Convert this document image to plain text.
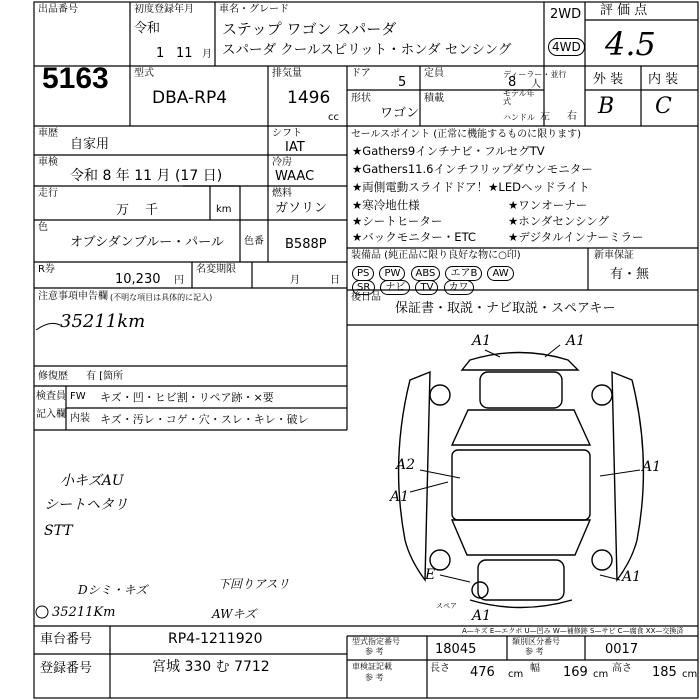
出品番号
5163
初度登録年月
令和
1 11 月
車名・グレード
ステップ ワゴン スパーダ
スパーダ クールスピリット・ホンダ センシング
2WD
4WD
評 価 点
4.5
型式
DBA-RP4
排気量
1496
cc
ドア
5
定員
8 人
形状
ワゴン
積載
ディーラー・並行
モデル年式
ハンドル 左 右
外 装
B
内 装
C
車歴
自家用
シフト
IAT
車検
令和 8 年 11 月 (17 日)
冷房
WAAC
走行
万 千	km
燃料
ガソリン
色
オブシダンブルー・パール 色番 B588P
R券
10,230 円
名変期限
月	日
注意事項申告欄 (不明な項目は具体的に記入)
35211km
修復歴 有 [箇所
セールスポイント (正常に機能するものに限ります)
★Gathers9インチナビ・フルセグTV
★Gathers11.6インチフリップダウンモニター
★両側電動スライドドア！★LEDヘッドライト
★寒冷地仕様	★ワンオーナー
★シートヒーター	★ホンダセンシング
★バックモニター・ETC	★デジタルインナーミラー
装備品 (純正品に限り良好な物に○印)
PS PW ABS エアB AW
SR ナビ TV カワ
新車保証
有・無
後日品
保証書・取説・ナビ取説・スペアキー
検査員
記入欄
FW キズ・凹・ヒビ割・リペア跡・×要
内装 キズ・汚レ・コゲ・穴・スレ・キレ・破レ
小キズAU
シートヘタリ
STT
Dシミ・キズ	下回りアスリ
AWキズ
35211Km
A1	A1
A2
A1
A1
A1
E
A1
スペア
A—キズ E—エクボ U—凹み W—補修跡 S—サビ C—腐食 XX—交換済
車台番号	RP4-1211920
登録番号	宮城 330 む 7712
型式指定番号
参 考	18045
類別区分番号
参 考	0017
車検証記載
参 考
長さ 476 cm
幅 169 cm
高さ 185 cm
